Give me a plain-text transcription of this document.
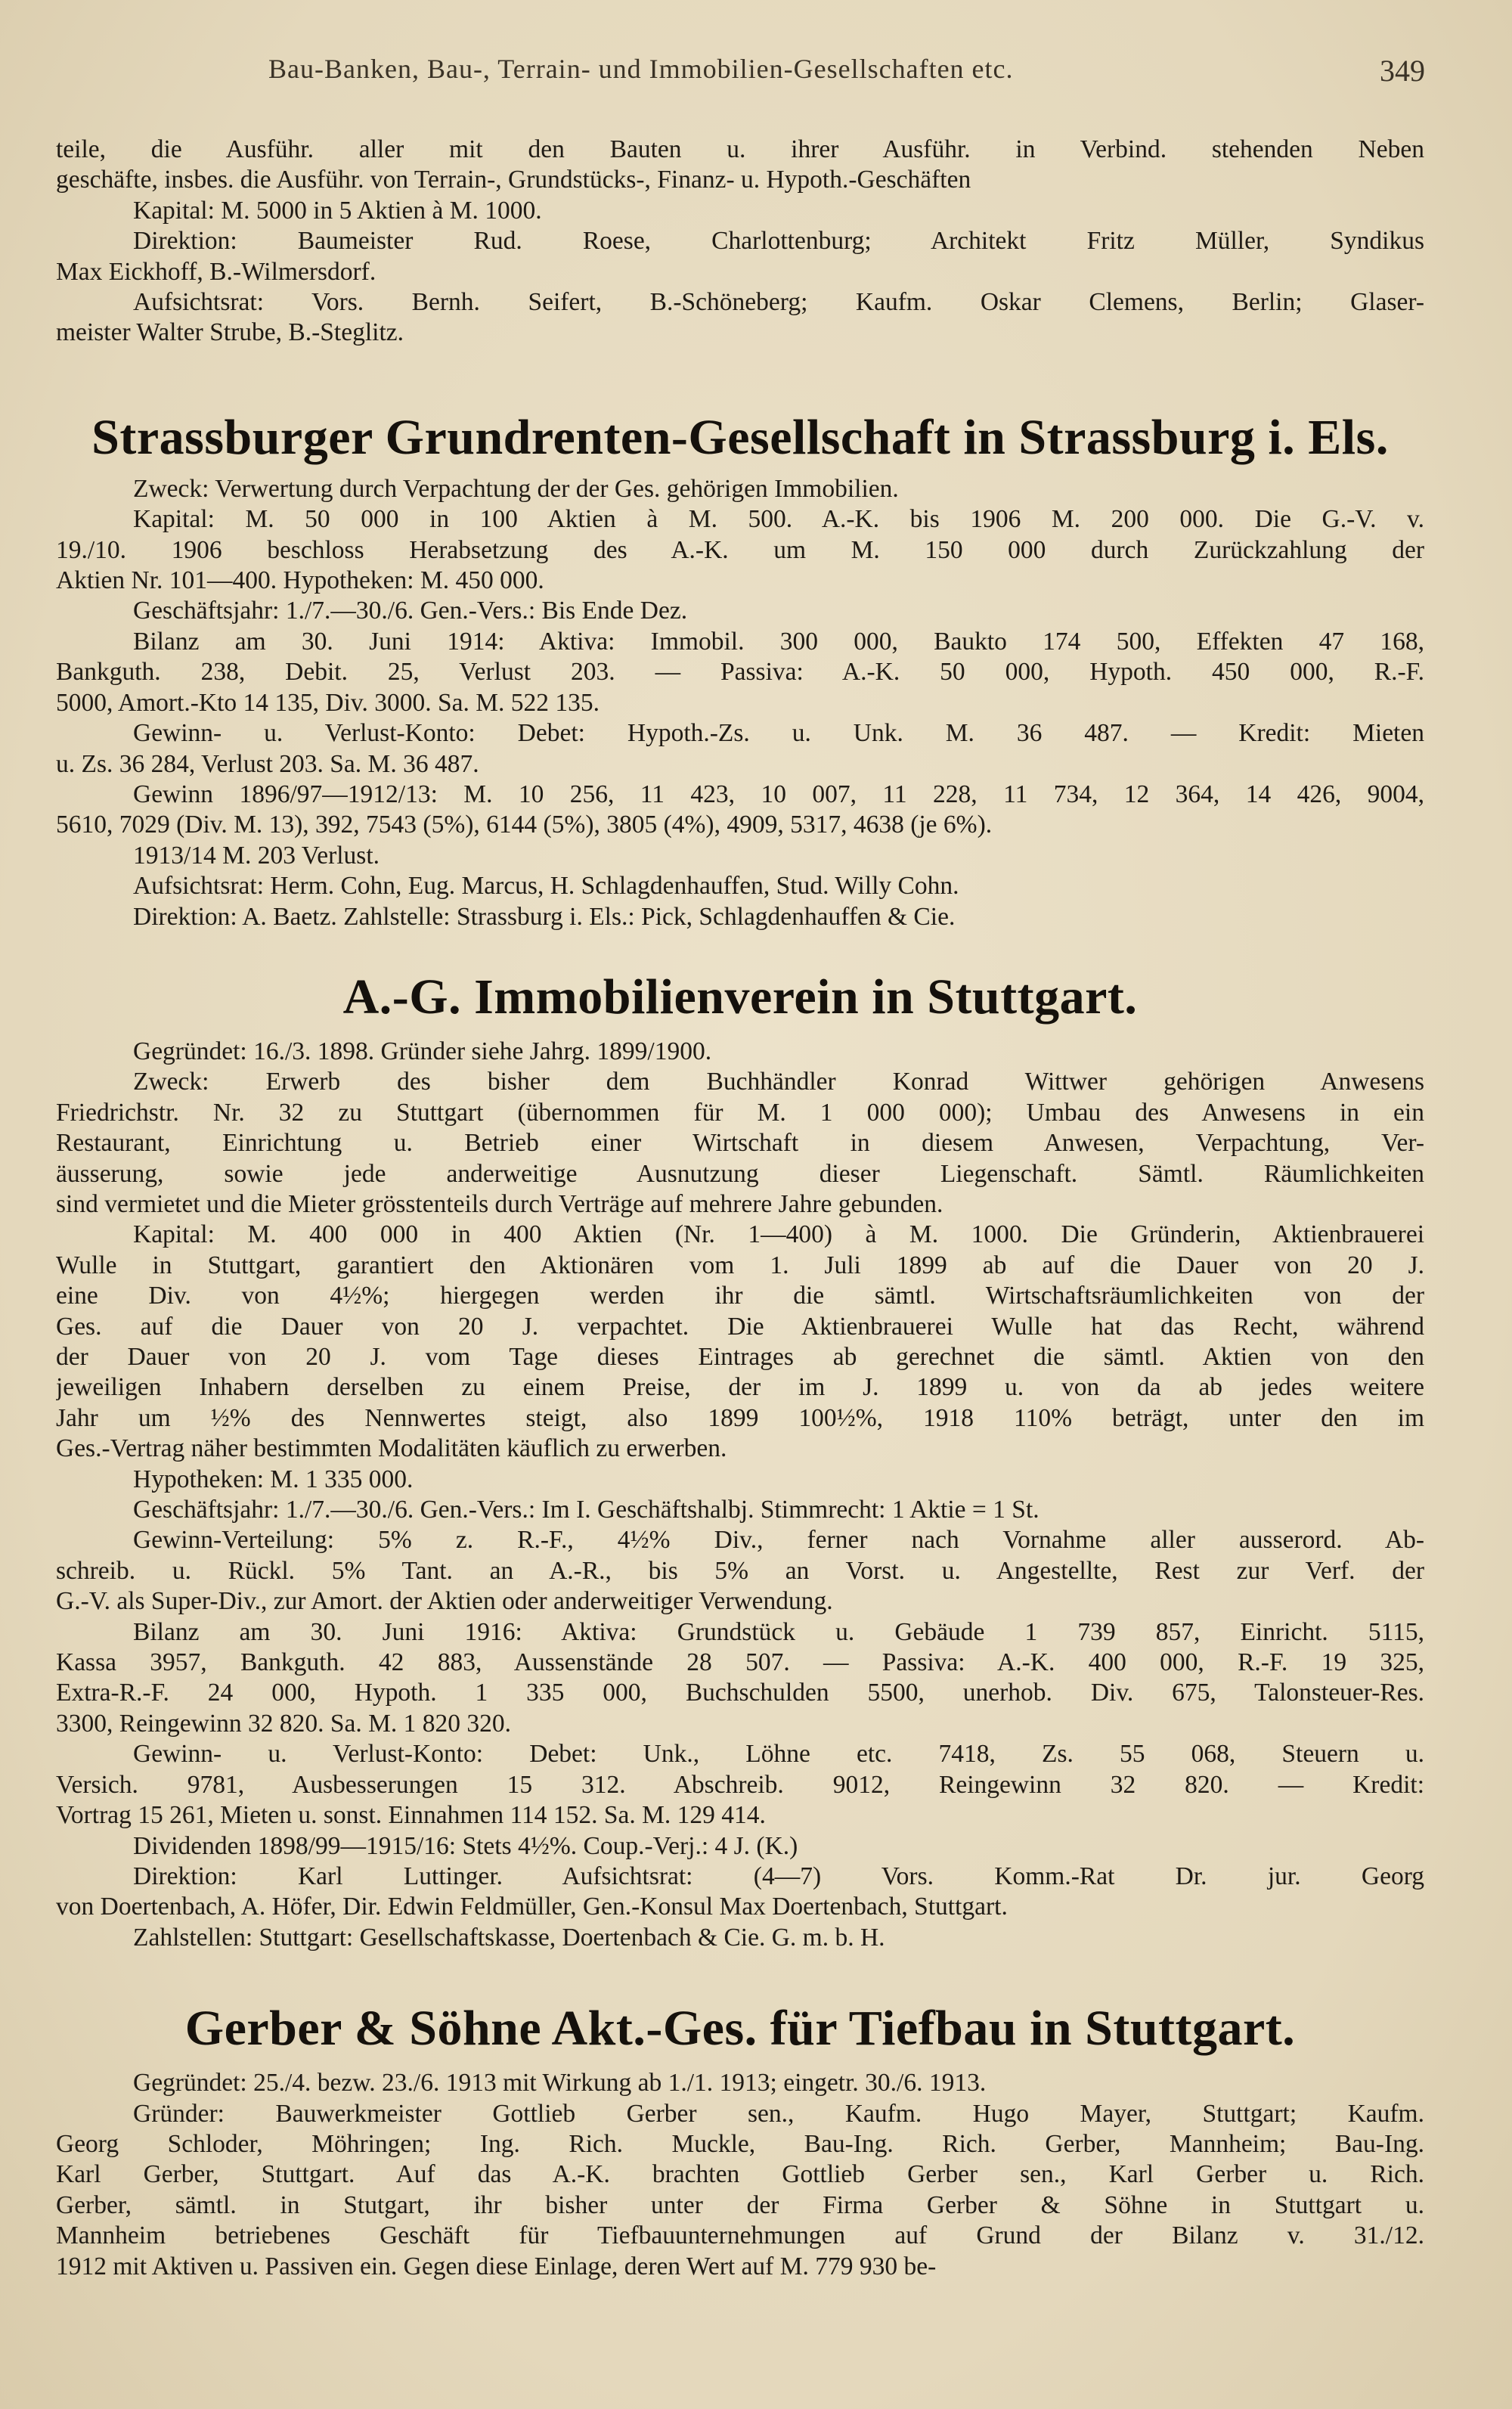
Bau-Banken, Bau-, Terrain- und Immobilien-Gesellschaften etc.	349

teile, die Ausführ. aller mit den Bauten u. ihrer Ausführ. in Verbind. stehenden Neben

geschäfte, insbes. die Ausführ. von Terrain-, Grundstücks-, Finanz- u. Hypoth.-Geschäften

Kapital: M. 5000 in 5 Aktien à M. 1000.

Direktion: Baumeister Rud. Roese, Charlottenburg; Architekt Fritz Müller, Syndikus

Max Eickhoff, B.-Wilmersdorf.

Aufsichtsrat: Vors. Bernh. Seifert, B.-Schöneberg; Kaufm. Oskar Clemens, Berlin; Glaser-

meister Walter Strube, B.-Steglitz.

Strassburger Grundrenten-Gesellschaft in Strassburg i. Els.

Zweck: Verwertung durch Verpachtung der der Ges. gehörigen Immobilien.

Kapital: M. 50 000 in 100 Aktien à M. 500. A.-K. bis 1906 M. 200 000. Die G.-V. v.

19./10. 1906 beschloss Herabsetzung des A.-K. um M. 150 000 durch Zurückzahlung der

Aktien Nr. 101—400. Hypotheken: M. 450 000.

Geschäftsjahr: 1./7.—30./6. Gen.-Vers.: Bis Ende Dez.

Bilanz am 30. Juni 1914: Aktiva: Immobil. 300 000, Baukto 174 500, Effekten 47 168,

Bankguth. 238, Debit. 25, Verlust 203. — Passiva: A.-K. 50 000, Hypoth. 450 000, R.-F.

5000, Amort.-Kto 14 135, Div. 3000. Sa. M. 522 135.

Gewinn- u. Verlust-Konto: Debet: Hypoth.-Zs. u. Unk. M. 36 487. — Kredit: Mieten

u. Zs. 36 284, Verlust 203. Sa. M. 36 487.

Gewinn 1896/97—1912/13: M. 10 256, 11 423, 10 007, 11 228, 11 734, 12 364, 14 426, 9004,

5610, 7029 (Div. M. 13), 392, 7543 (5%), 6144 (5%), 3805 (4%), 4909, 5317, 4638 (je 6%).

1913/14 M. 203 Verlust.

Aufsichtsrat: Herm. Cohn, Eug. Marcus, H. Schlagdenhauffen, Stud. Willy Cohn.

Direktion: A. Baetz. Zahlstelle: Strassburg i. Els.: Pick, Schlagdenhauffen & Cie.

A.-G. Immobilienverein in Stuttgart.

Gegründet: 16./3. 1898. Gründer siehe Jahrg. 1899/1900.

Zweck: Erwerb des bisher dem Buchhändler Konrad Wittwer gehörigen Anwesens

Friedrichstr. Nr. 32 zu Stuttgart (übernommen für M. 1 000 000); Umbau des Anwesens in ein

Restaurant, Einrichtung u. Betrieb einer Wirtschaft in diesem Anwesen, Verpachtung, Ver-

äusserung, sowie jede anderweitige Ausnutzung dieser Liegenschaft. Sämtl. Räumlichkeiten

sind vermietet und die Mieter grösstenteils durch Verträge auf mehrere Jahre gebunden.

Kapital: M. 400 000 in 400 Aktien (Nr. 1—400) à M. 1000. Die Gründerin, Aktienbrauerei

Wulle in Stuttgart, garantiert den Aktionären vom 1. Juli 1899 ab auf die Dauer von 20 J.

eine Div. von 4½%; hiergegen werden ihr die sämtl. Wirtschaftsräumlichkeiten von der

Ges. auf die Dauer von 20 J. verpachtet. Die Aktienbrauerei Wulle hat das Recht, während

der Dauer von 20 J. vom Tage dieses Eintrages ab gerechnet die sämtl. Aktien von den

jeweiligen Inhabern derselben zu einem Preise, der im J. 1899 u. von da ab jedes weitere

Jahr um ½% des Nennwertes steigt, also 1899 100½%, 1918 110% beträgt, unter den im

Ges.-Vertrag näher bestimmten Modalitäten käuflich zu erwerben.

Hypotheken: M. 1 335 000.

Geschäftsjahr: 1./7.—30./6. Gen.-Vers.: Im I. Geschäftshalbj. Stimmrecht: 1 Aktie = 1 St.

Gewinn-Verteilung: 5% z. R.-F., 4½% Div., ferner nach Vornahme aller ausserord. Ab-

schreib. u. Rückl. 5% Tant. an A.-R., bis 5% an Vorst. u. Angestellte, Rest zur Verf. der

G.-V. als Super-Div., zur Amort. der Aktien oder anderweitiger Verwendung.

Bilanz am 30. Juni 1916: Aktiva: Grundstück u. Gebäude 1 739 857, Einricht. 5115,

Kassa 3957, Bankguth. 42 883, Aussenstände 28 507. — Passiva: A.-K. 400 000, R.-F. 19 325,

Extra-R.-F. 24 000, Hypoth. 1 335 000, Buchschulden 5500, unerhob. Div. 675, Talonsteuer-Res.

3300, Reingewinn 32 820. Sa. M. 1 820 320.

Gewinn- u. Verlust-Konto: Debet: Unk., Löhne etc. 7418, Zs. 55 068, Steuern u.

Versich. 9781, Ausbesserungen 15 312. Abschreib. 9012, Reingewinn 32 820. — Kredit:

Vortrag 15 261, Mieten u. sonst. Einnahmen 114 152. Sa. M. 129 414.

Dividenden 1898/99—1915/16: Stets 4½%. Coup.-Verj.: 4 J. (K.)

Direktion: Karl Luttinger. Aufsichtsrat: (4—7) Vors. Komm.-Rat Dr. jur. Georg

von Doertenbach, A. Höfer, Dir. Edwin Feldmüller, Gen.-Konsul Max Doertenbach, Stuttgart.

Zahlstellen: Stuttgart: Gesellschaftskasse, Doertenbach & Cie. G. m. b. H.

Gerber & Söhne Akt.-Ges. für Tiefbau in Stuttgart.

Gegründet: 25./4. bezw. 23./6. 1913 mit Wirkung ab 1./1. 1913; eingetr. 30./6. 1913.

Gründer: Bauwerkmeister Gottlieb Gerber sen., Kaufm. Hugo Mayer, Stuttgart; Kaufm.

Georg Schloder, Möhringen; Ing. Rich. Muckle, Bau-Ing. Rich. Gerber, Mannheim; Bau-Ing.

Karl Gerber, Stuttgart. Auf das A.-K. brachten Gottlieb Gerber sen., Karl Gerber u. Rich.

Gerber, sämtl. in Stutgart, ihr bisher unter der Firma Gerber & Söhne in Stuttgart u.

Mannheim betriebenes Geschäft für Tiefbauunternehmungen auf Grund der Bilanz v. 31./12.

1912 mit Aktiven u. Passiven ein. Gegen diese Einlage, deren Wert auf M. 779 930 be-
